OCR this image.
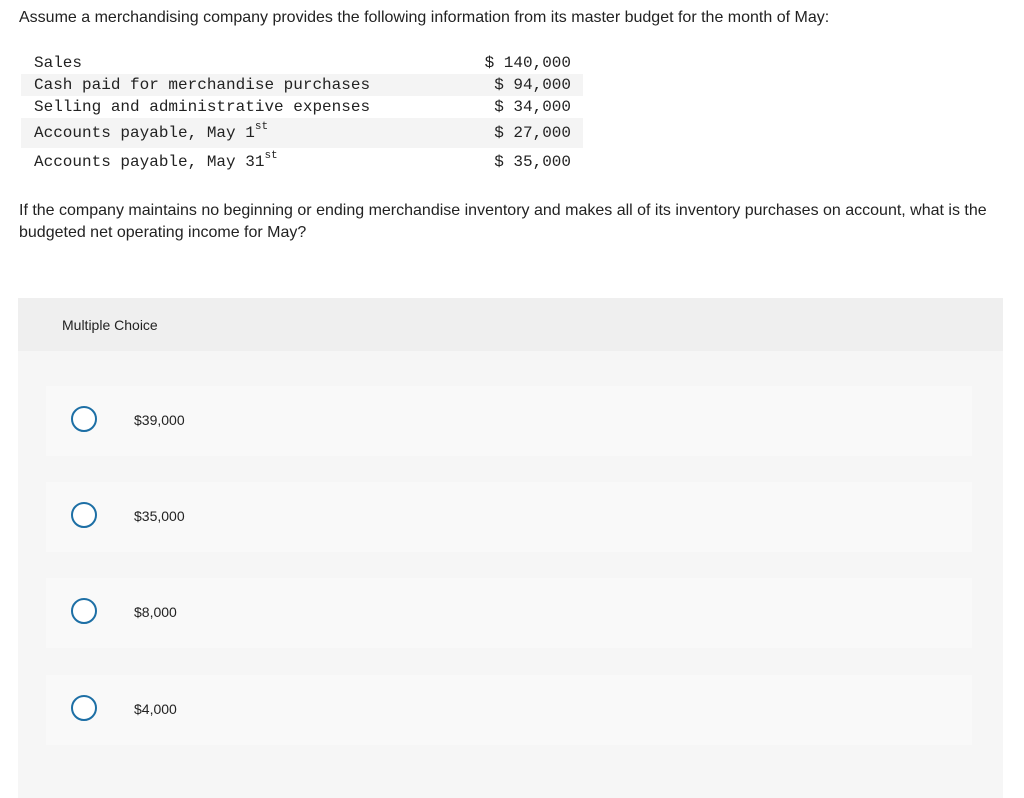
Assume a merchandising company provides the following information from its master budget for the month of May:
Sales	$ 140,000
Cash paid for merchandise purchases	$ 94,000
Selling and administrative expenses	$ 34,000
Accounts payable, May 1st	$ 27,000
Accounts payable, May 31st	$ 35,000
If the company maintains no beginning or ending merchandise inventory and makes all of its inventory purchases on account, what is the budgeted net operating income for May?
Multiple Choice
$39,000
$35,000
$8,000
$4,000
